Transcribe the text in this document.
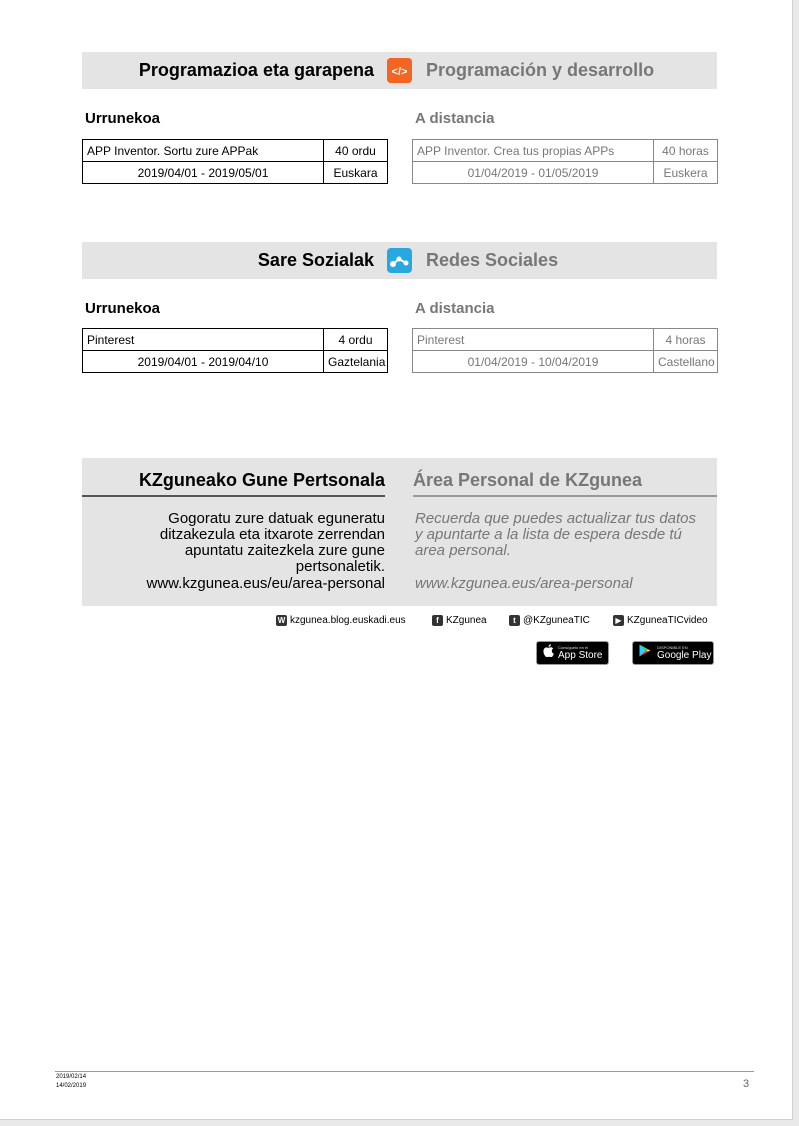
Programazioa eta garapena </> Programación y desarrollo
Urrunekoa	A distancia
APP Inventor. Sortu zure APPak	40 ordu
2019/04/01 - 2019/05/01	Euskara
APP Inventor. Crea tus propias APPs	40 horas
01/04/2019 - 01/05/2019	Euskera
Sare Sozialak	Redes Sociales
Urrunekoa	A distancia
Pinterest	4 ordu
2019/04/01 - 2019/04/10	Gaztelania
Pinterest	4 horas
01/04/2019 - 10/04/2019	Castellano
KZguneako Gune Pertsonala Área Personal de KZgunea
Gogoratu zure datuak eguneratu ditzakezula eta itxarote zerrendan apuntatu zaitezkela zure gune pertsonaletik.
Recuerda que puedes actualizar tus datos y apuntarte a la lista de espera desde tú area personal.
www.kzgunea.eus/eu/area-personal www.kzgunea.eus/area-personal
W kzgunea.blog.euskadi.eus	f KZgunea	t @KZguneaTIC	▶ KZguneaTICvideo
Consíguelo en el
App Store
DISPONIBLE EN
Google Play
2019/02/14
14/02/2019	3
